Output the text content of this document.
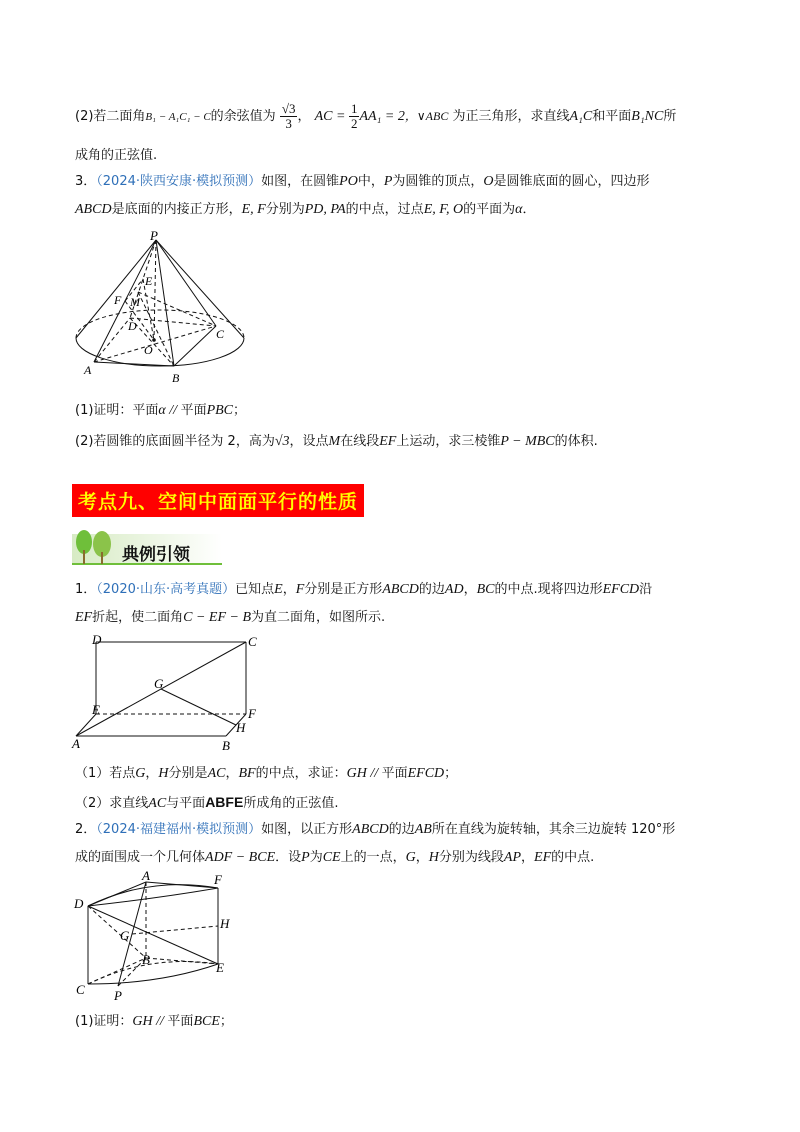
(2)若二面角B₁ − A₁C₁ − C的余弦值为 $\frac{√3}{3}$ ， AC = $\frac{1}{2} AA_1 = 2$，∨ABC 为正三角形，求直线A₁C和平面B₁NC所
成角的正弦值.
3．（2024·陕西安康·模拟预测）如图，在圆锥PO中，P为圆锥的顶点，O是圆锥底面的圆心，四边形
ABCD是底面的内接正方形，E, F分别为PD, PA的中点，过点E, F, O的平面为α．
P
E
F M
D
C
O
A
B
(1)证明：平面α // 平面PBC；
(2)若圆锥的底面圆半径为 2，高为√3，设点M在线段EF上运动，求三棱锥P − MBC的体积.
考点九、空间中面面平行的性质
典例引领
1．（2020·山东·高考真题）已知点E，F分别是正方形ABCD的边AD，BC的中点.现将四边形EFCD沿
EF折起，使二面角C − EF − B为直二面角，如图所示.
D	C
G
E	F
H
A	B
（1）若点G，H分别是AC，BF的中点，求证：GH // 平面EFCD；
（2）求直线AC与平面ABFE所成角的正弦值.
2．（2024·福建福州·模拟预测）如图，以正方形ABCD的边AB所在直线为旋转轴，其余三边旋转 120°形
成的面围成一个几何体ADF − BCE．设P为CE上的一点，G，H分别为线段AP，EF的中点.
A	F
D
H
G
B
E
C P
(1)证明：GH // 平面BCE；
